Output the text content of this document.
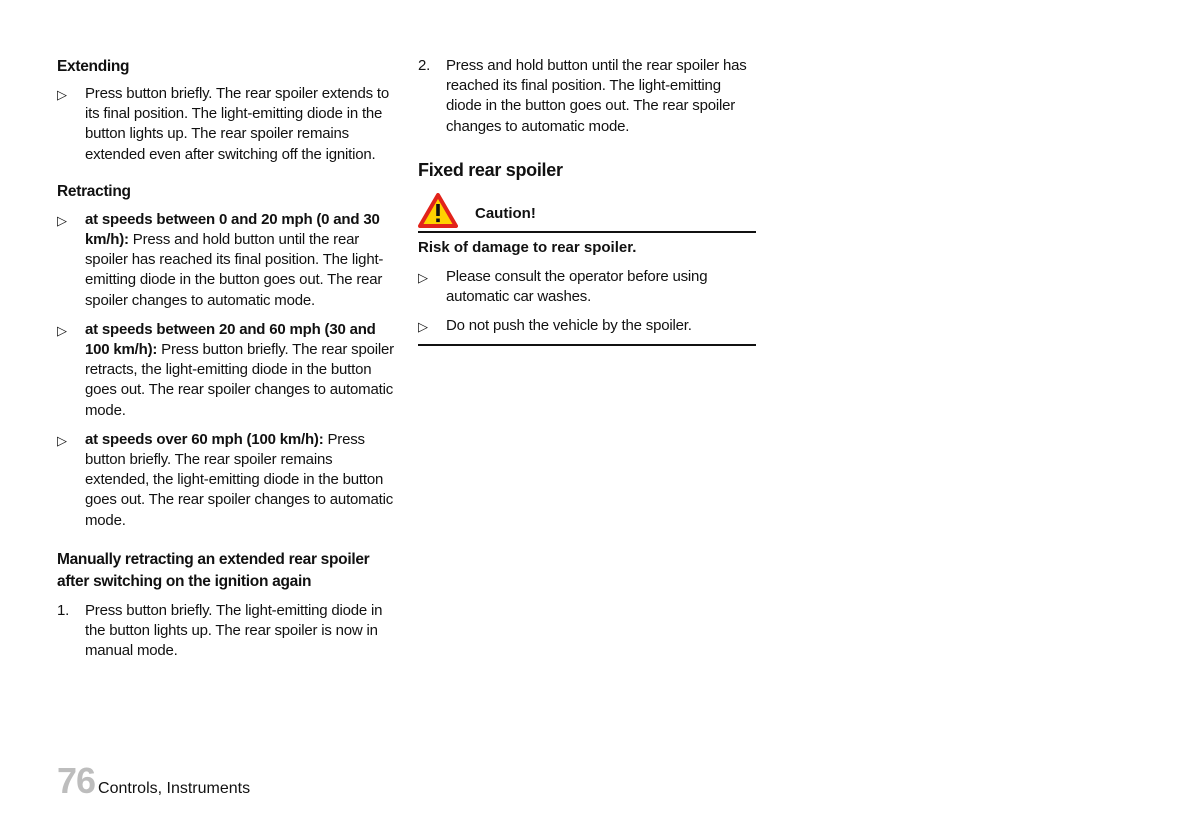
Extending
▷ Press button briefly. The rear spoiler extends to its final position. The light-emitting diode in the button lights up. The rear spoiler remains extended even after switching off the ignition.
Retracting
▷ at speeds between 0 and 20 mph (0 and 30 km/h): Press and hold button until the rear spoiler has reached its final position. The light-emitting diode in the button goes out. The rear spoiler changes to automatic mode.
▷ at speeds between 20 and 60 mph (30 and 100 km/h): Press button briefly. The rear spoiler retracts, the light-emitting diode in the button goes out. The rear spoiler changes to automatic mode.
▷ at speeds over 60 mph (100 km/h): Press button briefly. The rear spoiler remains extended, the light-emitting diode in the button goes out. The rear spoiler changes to automatic mode.
Manually retracting an extended rear spoiler after switching on the ignition again
1. Press button briefly. The light-emitting diode in the button lights up. The rear spoiler is now in manual mode.
2. Press and hold button until the rear spoiler has reached its final position. The light-emitting diode in the button goes out. The rear spoiler changes to automatic mode.
Fixed rear spoiler
Caution!
Risk of damage to rear spoiler.
▷ Please consult the operator before using automatic car washes.
▷ Do not push the vehicle by the spoiler.
76 Controls, Instruments
